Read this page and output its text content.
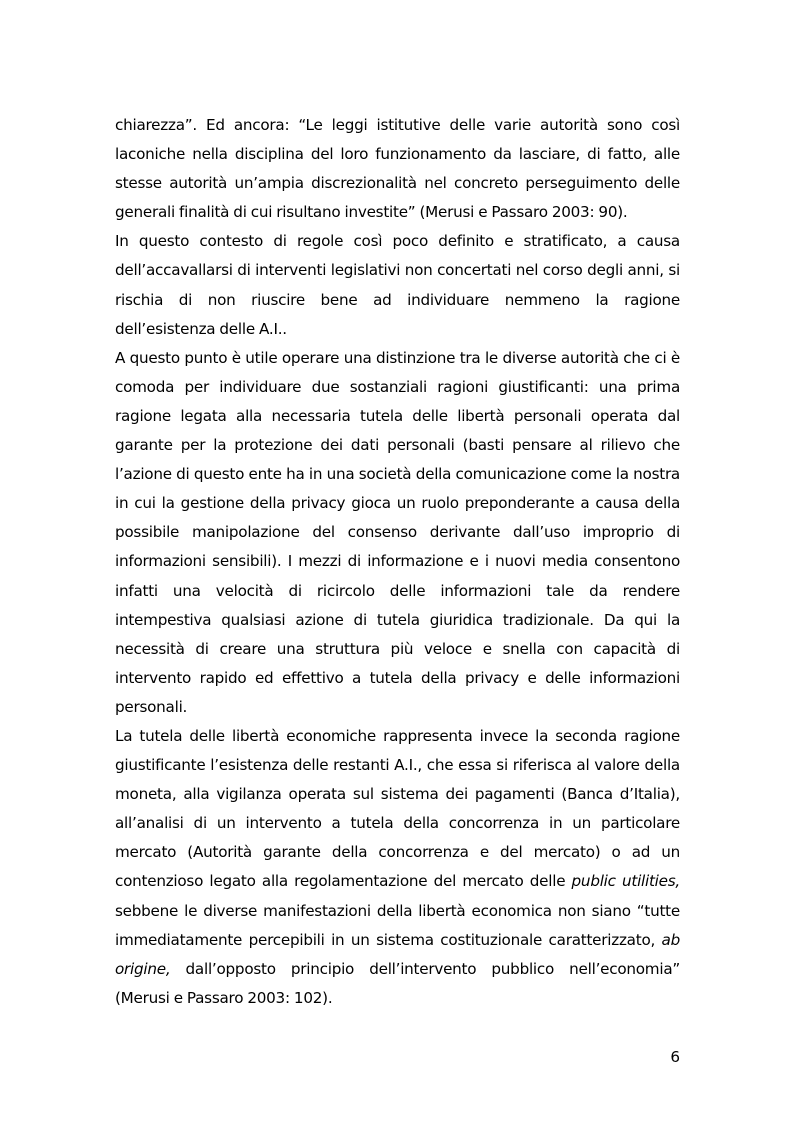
chiarezza”. Ed ancora: “Le leggi istitutive delle varie autorità sono così laconiche nella disciplina del loro funzionamento da lasciare, di fatto, alle stesse autorità un’ampia discrezionalità nel concreto perseguimento delle generali finalità di cui risultano investite” (Merusi e Passaro 2003: 90).

In questo contesto di regole così poco definito e stratificato, a causa dell’accavallarsi di interventi legislativi non concertati nel corso degli anni, si rischia di non riuscire bene ad individuare nemmeno la ragione dell’esistenza delle A.I..

A questo punto è utile operare una distinzione tra le diverse autorità che ci è comoda per individuare due sostanziali ragioni giustificanti: una prima ragione legata alla necessaria tutela delle libertà personali operata dal garante per la protezione dei dati personali (basti pensare al rilievo che l’azione di questo ente ha in una società della comunicazione come la nostra in cui la gestione della privacy gioca un ruolo preponderante a causa della possibile manipolazione del consenso derivante dall’uso improprio di informazioni sensibili). I mezzi di informazione e i nuovi media consentono infatti una velocità di ricircolo delle informazioni tale da rendere intempestiva qualsiasi azione di tutela giuridica tradizionale. Da qui la necessità di creare una struttura più veloce e snella con capacità di intervento rapido ed effettivo a tutela della privacy e delle informazioni personali.

La tutela delle libertà economiche rappresenta invece la seconda ragione giustificante l’esistenza delle restanti A.I., che essa si riferisca al valore della moneta, alla vigilanza operata sul sistema dei pagamenti (Banca d’Italia), all’analisi di un intervento a tutela della concorrenza in un particolare mercato (Autorità garante della concorrenza e del mercato) o ad un contenzioso legato alla regolamentazione del mercato delle public utilities, sebbene le diverse manifestazioni della libertà economica non siano “tutte immediatamente percepibili in un sistema costituzionale caratterizzato, ab origine, dall’opposto principio dell’intervento pubblico nell’economia” (Merusi e Passaro 2003: 102).

6
